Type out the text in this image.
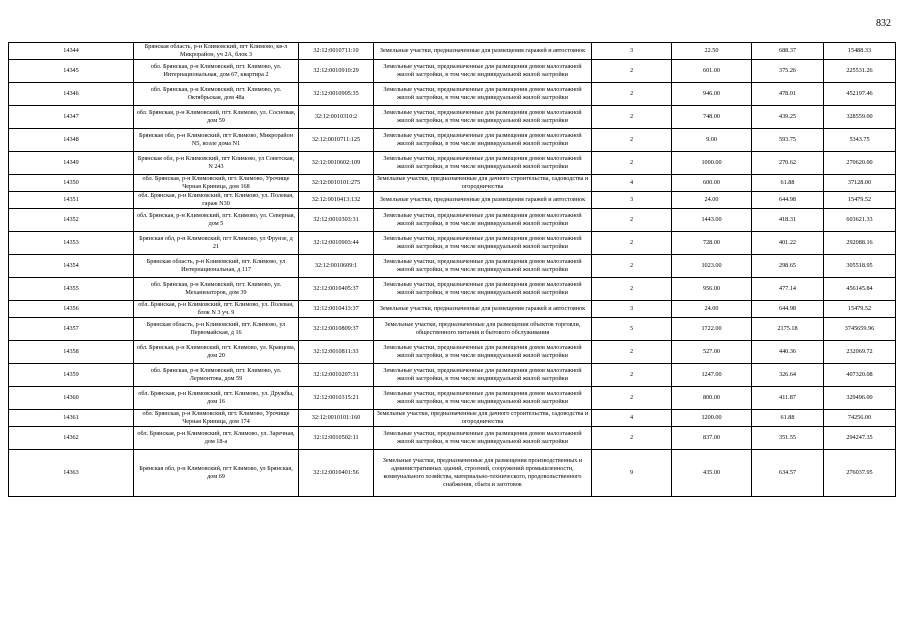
832
14344	Брянская область, р-н Климовский, пгт Климово, кв-л Микрорайон, уч 2А, блок 3	32:12:0010711:10	Земельные участки, предназначенные для размещения гаражей и автостоянок	3	22.50	688.37	15488.33
14345	обл. Брянская, р-н Климовский, пгт. Климово, ул. Интернациональная, дом 67, квартира 2	32:12:0010910:29	Земельные участки, предназначенные для размещения домов малоэтажной жилой застройки, в том числе индивидуальной жилой застройки	2	601.00	375.26	225531.26
14346	обл. Брянская, р-н Климовский, пгт. Климово, ул. Октябрьская, дом 48а	32:12:0010905:35	Земельные участки, предназначенные для размещения домов малоэтажной жилой застройки, в том числе индивидуальной жилой застройки	2	946.00	478.01	452197.46
14347	обл. Брянская, р-н Климовский, пгт. Климово, ул. Сосновая, дом 59	32:12:0010310:2	Земельные участки, предназначенные для размещения домов малоэтажной жилой застройки, в том числе индивидуальной жилой застройки	2	748.00	439.25	328559.00
14348	Брянская обл, р-н Климовский, пгт Климово, Микрорайон N5, возле дома N1	32:12:0010711:125	Земельные участки, предназначенные для размещения домов малоэтажной жилой застройки, в том числе индивидуальной жилой застройки	2	9.00	593.75	5343.75
14349	Брянская обл, р-н Климовский, пгт Климово, ул Советская, N 243	32:12:0010602:109	Земельные участки, предназначенные для размещения домов малоэтажной жилой застройки, в том числе индивидуальной жилой застройки	2	1000.00	270.62	270620.00
14350	обл. Брянская, р-н Климовский, пгт. Климово, Урочище Черная Криница, дом 168	32:12:0010101:275	Земельные участки, предназначенные для дачного строительства, садоводства и огородничества	4	600.00	61.88	37128.00
14351	обл. Брянская, р-н Климовский, пгт. Климово, ул. Полевая, гараж N30	32:12:0010413:132	Земельные участки, предназначенные для размещения гаражей и автостоянок	3	24.00	644.98	15479.52
14352	обл. Брянская, р-н Климовский, пгт. Климово, ул. Северная, дом 5	32:12:0010303:31	Земельные участки, предназначенные для размещения домов малоэтажной жилой застройки, в том числе индивидуальной жилой застройки	2	1443.00	418.31	603621.33
14353	Брянская обл, р-н Климовский, пгт Климово, ул Фрунзе, д 21	32:12:0010903:44	Земельные участки, предназначенные для размещения домов малоэтажной жилой застройки, в том числе индивидуальной жилой застройки	2	728.00	401.22	292088.16
14354	Брянская область, р-н Климовский, пгт. Климово, ул Интернациональная, д 117	32:12:0010609:1	Земельные участки, предназначенные для размещения домов малоэтажной жилой застройки, в том числе индивидуальной жилой застройки	2	1023.00	298.65	305518.95
14355	обл. Брянская, р-н Климовский, пгт. Климово, ул. Механизаторов, дом 39	32:12:0010405:37	Земельные участки, предназначенные для размещения домов малоэтажной жилой застройки, в том числе индивидуальной жилой застройки	2	956.00	477.14	456145.84
14356	обл. Брянская, р-н Климовский, пгт. Климово, ул. Полевая, блок N 3 уч. 9	32:12:0010413:37	Земельные участки, предназначенные для размещения гаражей и автостоянок	3	24.00	644.98	15479.52
14357	Брянская область, р-н Климовский, пгт. Климово, ул Первомайская, д 16	32:12:0010809:37	Земельные участки, предназначенные для размещения объектов торговли, общественного питания и бытового обслуживания	5	1722.00	2175.18	3745659.96
14358	обл. Брянская, р-н Климовский, пгт. Климово, ул. Кравцова, дом 20	32:12:0010811:33	Земельные участки, предназначенные для размещения домов малоэтажной жилой застройки, в том числе индивидуальной жилой застройки	2	527.00	440.36	232069.72
14359	обл. Брянская, р-н Климовский, пгт. Климово, ул. Лермонтова, дом 59	32:12:0010207:31	Земельные участки, предназначенные для размещения домов малоэтажной жилой застройки, в том числе индивидуальной жилой застройки	2	1247.00	326.64	407320.08
14360	обл. Брянская, р-н Климовский, пгт. Климово, ул. Дружбы, дом 16	32:12:0010315:21	Земельные участки, предназначенные для размещения домов малоэтажной жилой застройки, в том числе индивидуальной жилой застройки	2	800.00	411.87	329496.00
14361	обл. Брянская, р-н Климовский, пгт. Климово, Урочище Черная Криница, дом 174	32:12:0010101:160	Земельные участки, предназначенные для дачного строительства, садоводства и огородничества	4	1200.00	61.88	74256.00
14362	обл. Брянская, р-н Климовский, пгт. Климово, ул. Заречная, дом 18-а	32:12:0010502:11	Земельные участки, предназначенные для размещения домов малоэтажной жилой застройки, в том числе индивидуальной жилой застройки	2	837.00	351.55	294247.35
14363	Брянская обл, р-н Климовский, пгт Климово, ул Брянская, дом 69	32:12:0010401:56	Земельные участки, предназначенные для размещения производственных и административных зданий, строений, сооружений промышленности, коммунального хозяйства, материально-технического, продовольственного снабжения, сбыта и заготовок	9	435.00	634.57	276037.95
